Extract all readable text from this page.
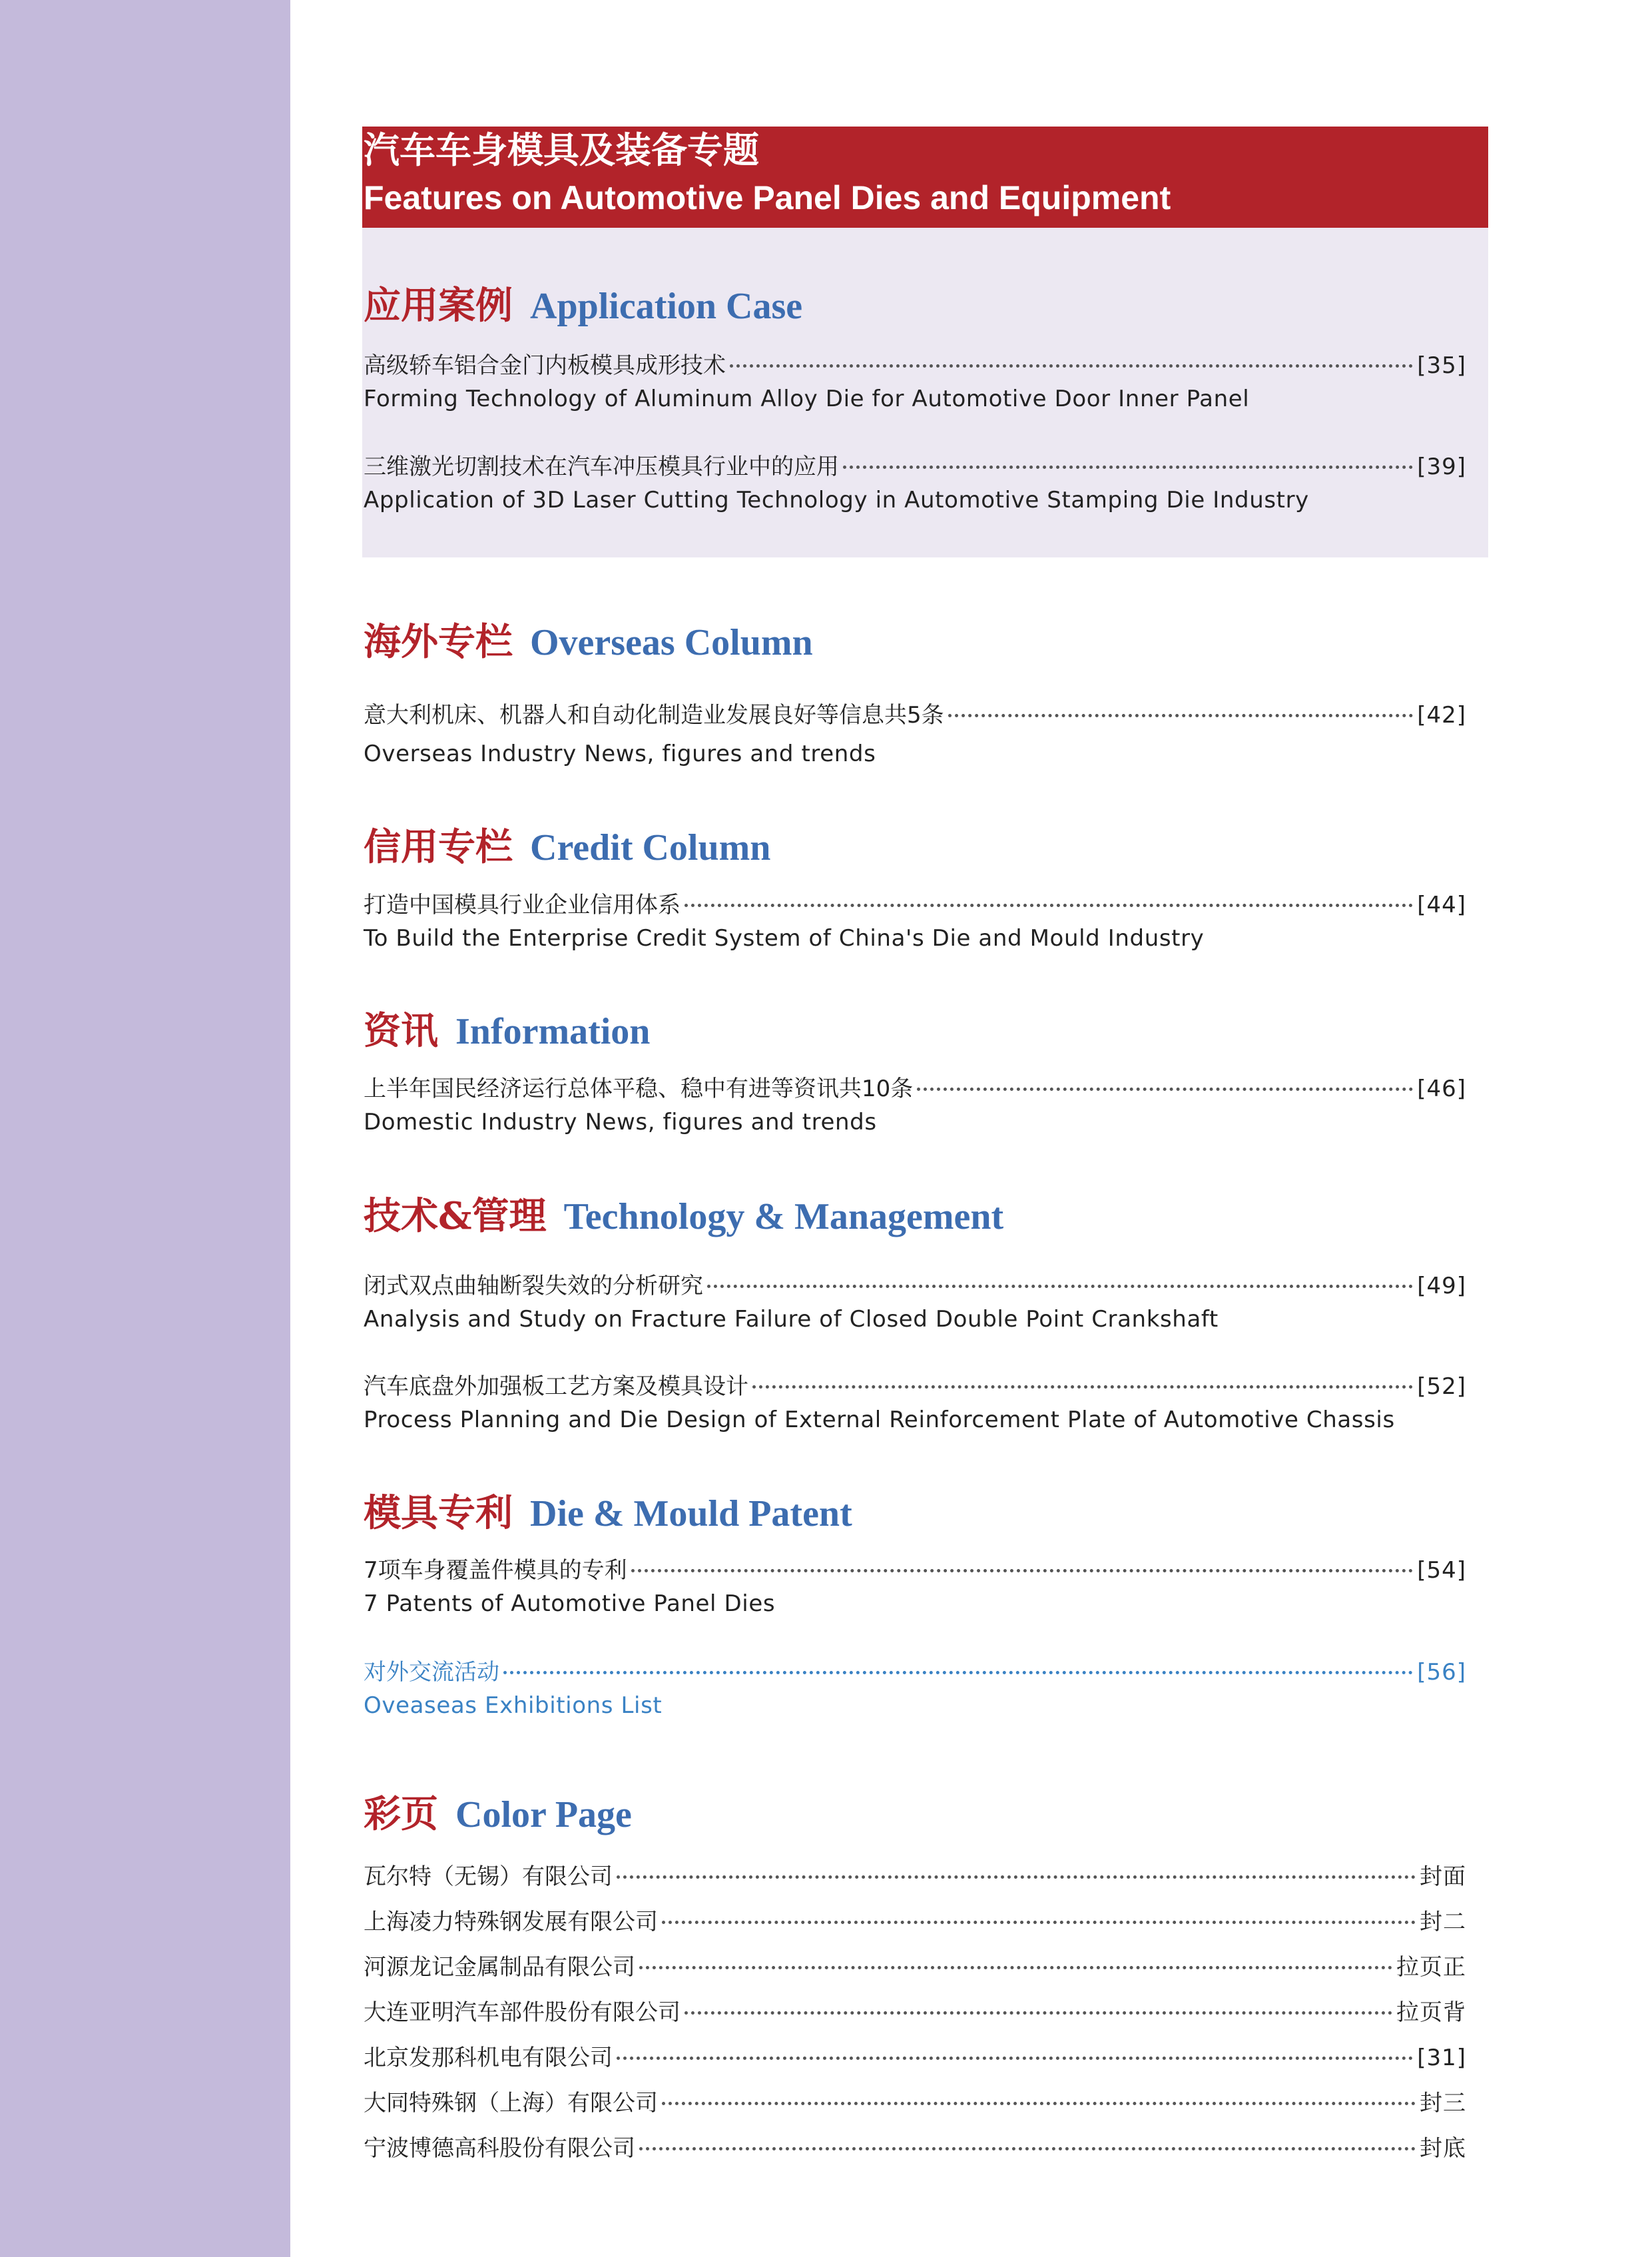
汽车车身模具及装备专题
Features on Automotive Panel Dies and Equipment
应用案例 Application Case
高级轿车铝合金门内板模具成形技术	[35]
Forming Technology of Aluminum Alloy Die for Automotive Door Inner Panel
三维激光切割技术在汽车冲压模具行业中的应用	[39]
Application of 3D Laser Cutting Technology in Automotive Stamping Die Industry
海外专栏 Overseas Column
意大利机床、机器人和自动化制造业发展良好等信息共5条	[42]
Overseas Industry News, figures and trends
信用专栏 Credit Column
打造中国模具行业企业信用体系	[44]
To Build the Enterprise Credit System of China's Die and Mould Industry
资讯 Information
上半年国民经济运行总体平稳、稳中有进等资讯共10条	[46]
Domestic Industry News, figures and trends
技术&管理 Technology & Management
闭式双点曲轴断裂失效的分析研究	[49]
Analysis and Study on Fracture Failure of Closed Double Point Crankshaft
汽车底盘外加强板工艺方案及模具设计	[52]
Process Planning and Die Design of External Reinforcement Plate of Automotive Chassis
模具专利 Die & Mould Patent
7项车身覆盖件模具的专利	[54]
7 Patents of Automotive Panel Dies
对外交流活动	[56]
Oveaseas Exhibitions List
彩页 Color Page
瓦尔特（无锡）有限公司	封面
上海凌力特殊钢发展有限公司	封二
河源龙记金属制品有限公司	拉页正
大连亚明汽车部件股份有限公司	拉页背
北京发那科机电有限公司	[31]
大同特殊钢（上海）有限公司	封三
宁波博德高科股份有限公司	封底
